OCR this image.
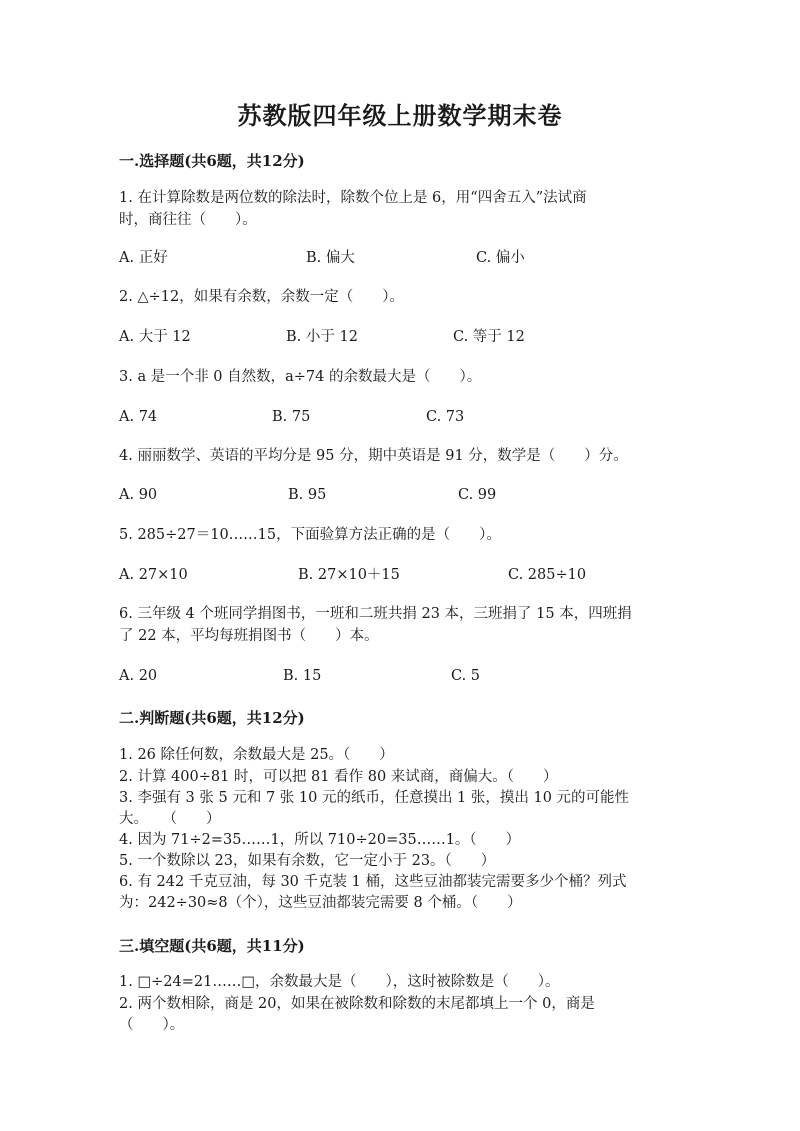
苏教版四年级上册数学期末卷
一.选择题(共6题，共12分)
1. 在计算除数是两位数的除法时，除数个位上是 6，用“四舍五入”法试商
时，商往往（　　）。
A. 正好	B. 偏大	C. 偏小
2. △÷12，如果有余数，余数一定（　　）。
A. 大于 12	B. 小于 12	C. 等于 12
3. a 是一个非 0 自然数，a÷74 的余数最大是（　　）。
A. 74	B. 75	C. 73
4. 丽丽数学、英语的平均分是 95 分，期中英语是 91 分，数学是（　　）分。
A. 90	B. 95	C. 99
5. 285÷27＝10……15，下面验算方法正确的是（　　）。
A. 27×10	B. 27×10＋15	C. 285÷10
6. 三年级 4 个班同学捐图书，一班和二班共捐 23 本，三班捐了 15 本，四班捐
了 22 本，平均每班捐图书（　　）本。
A. 20	B. 15	C. 5
二.判断题(共6题，共12分)
1. 26 除任何数，余数最大是 25。（　　）
2. 计算 400÷81 时，可以把 81 看作 80 来试商，商偏大。（　　）
3. 李强有 3 张 5 元和 7 张 10 元的纸币，任意摸出 1 张，摸出 10 元的可能性
大。　　（　　）
4. 因为 71÷2=35……1，所以 710÷20=35……1。（　　）
5. 一个数除以 23，如果有余数，它一定小于 23。（　　）
6. 有 242 千克豆油，每 30 千克装 1 桶，这些豆油都装完需要多少个桶？列式
为：242÷30≈8（个），这些豆油都装完需要 8 个桶。（　　）
三.填空题(共6题，共11分)
1. □÷24=21……□，余数最大是（　　），这时被除数是（　　）。
2. 两个数相除，商是 20，如果在被除数和除数的末尾都填上一个 0，商是
（　　）。
